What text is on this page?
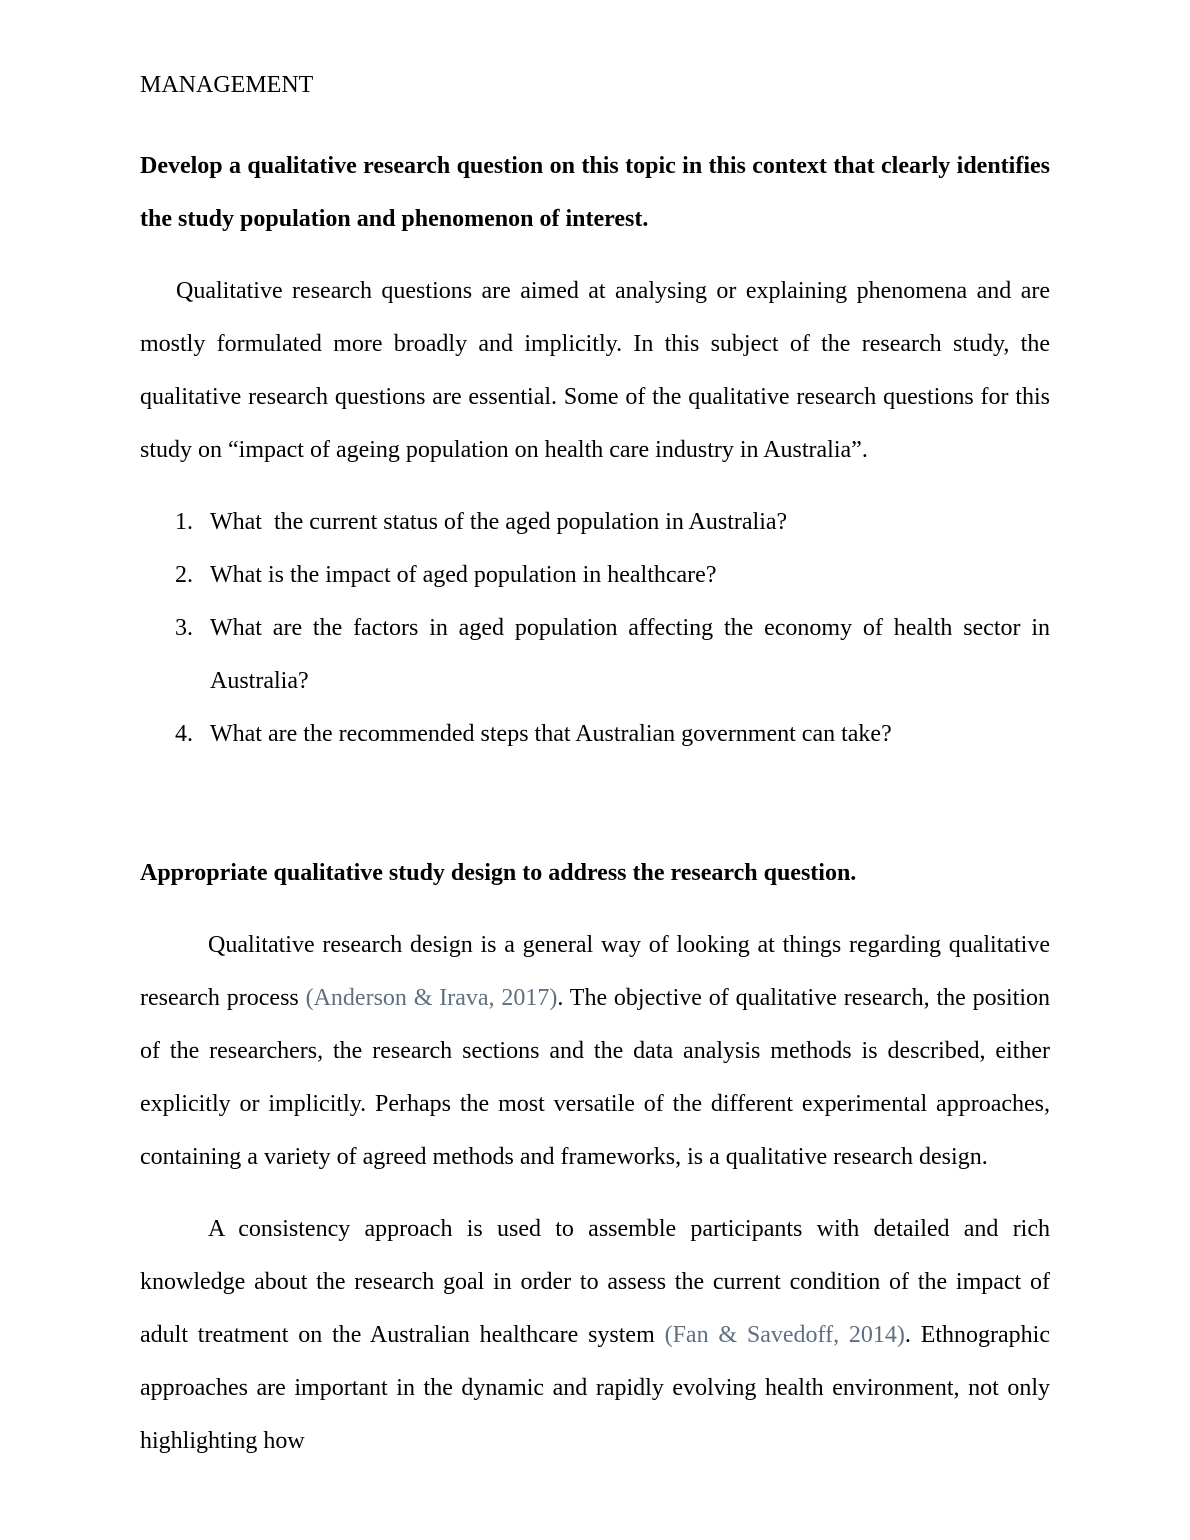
MANAGEMENT

Develop a qualitative research question on this topic in this context that clearly identifies the study population and phenomenon of interest.

Qualitative research questions are aimed at analysing or explaining phenomena and are mostly formulated more broadly and implicitly. In this subject of the research study, the qualitative research questions are essential. Some of the qualitative research questions for this study on “impact of ageing population on health care industry in Australia”.

1. What  the current status of the aged population in Australia?
2. What is the impact of aged population in healthcare?
3. What are the factors in aged population affecting the economy of health sector in Australia?
4. What are the recommended steps that Australian government can take?

Appropriate qualitative study design to address the research question.

Qualitative research design is a general way of looking at things regarding qualitative research process (Anderson & Irava, 2017). The objective of qualitative research, the position of the researchers, the research sections and the data analysis methods is described, either explicitly or implicitly. Perhaps the most versatile of the different experimental approaches, containing a variety of agreed methods and frameworks, is a qualitative research design.

A consistency approach is used to assemble participants with detailed and rich knowledge about the research goal in order to assess the current condition of the impact of adult treatment on the Australian healthcare system (Fan & Savedoff, 2014). Ethnographic approaches are important in the dynamic and rapidly evolving health environment, not only highlighting how
